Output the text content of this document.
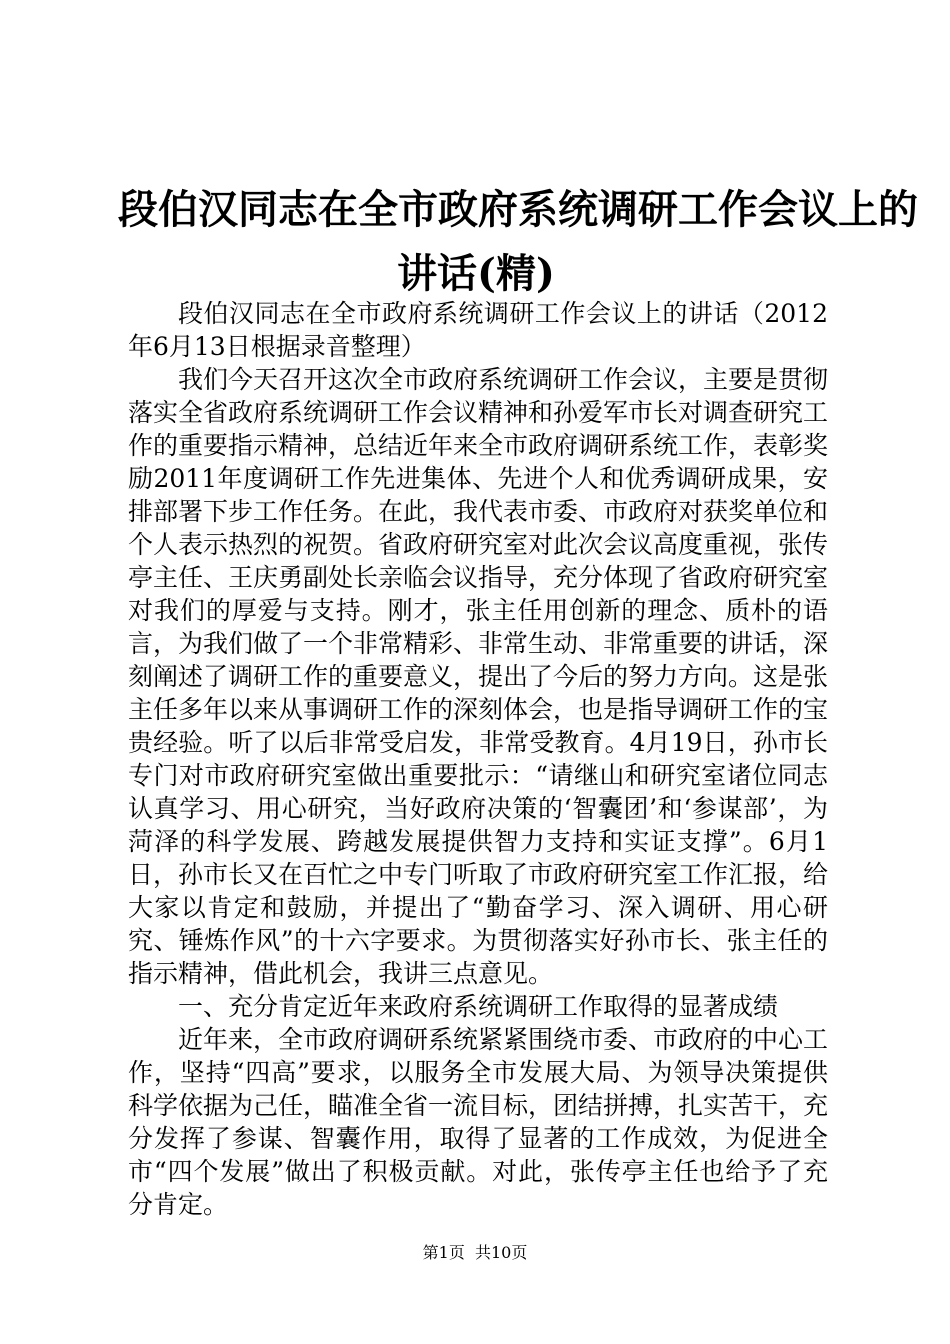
段伯汉同志在全市政府系统调研工作会议上的
讲话(精)

段伯汉同志在全市政府系统调研工作会议上的讲话（2012年6月13日根据录音整理）

我们今天召开这次全市政府系统调研工作会议，主要是贯彻落实全省政府系统调研工作会议精神和孙爱军市长对调查研究工作的重要指示精神，总结近年来全市政府调研系统工作，表彰奖励2011年度调研工作先进集体、先进个人和优秀调研成果，安排部署下步工作任务。在此，我代表市委、市政府对获奖单位和个人表示热烈的祝贺。省政府研究室对此次会议高度重视，张传亭主任、王庆勇副处长亲临会议指导，充分体现了省政府研究室对我们的厚爱与支持。刚才，张主任用创新的理念、质朴的语言，为我们做了一个非常精彩、非常生动、非常重要的讲话，深刻阐述了调研工作的重要意义，提出了今后的努力方向。这是张主任多年以来从事调研工作的深刻体会，也是指导调研工作的宝贵经验。听了以后非常受启发，非常受教育。4月19日，孙市长专门对市政府研究室做出重要批示：“请继山和研究室诸位同志认真学习、用心研究，当好政府决策的‘智囊团’和‘参谋部’，为菏泽的科学发展、跨越发展提供智力支持和实证支撑”。6月1日，孙市长又在百忙之中专门听取了市政府研究室工作汇报，给大家以肯定和鼓励，并提出了“勤奋学习、深入调研、用心研究、锤炼作风”的十六字要求。为贯彻落实好孙市长、张主任的指示精神，借此机会，我讲三点意见。

一、充分肯定近年来政府系统调研工作取得的显著成绩

近年来，全市政府调研系统紧紧围绕市委、市政府的中心工作，坚持“四高”要求，以服务全市发展大局、为领导决策提供科学依据为己任，瞄准全省一流目标，团结拼搏，扎实苦干，充分发挥了参谋、智囊作用，取得了显著的工作成效，为促进全市“四个发展”做出了积极贡献。对此，张传亭主任也给予了充分肯定。

第1页  共10页
